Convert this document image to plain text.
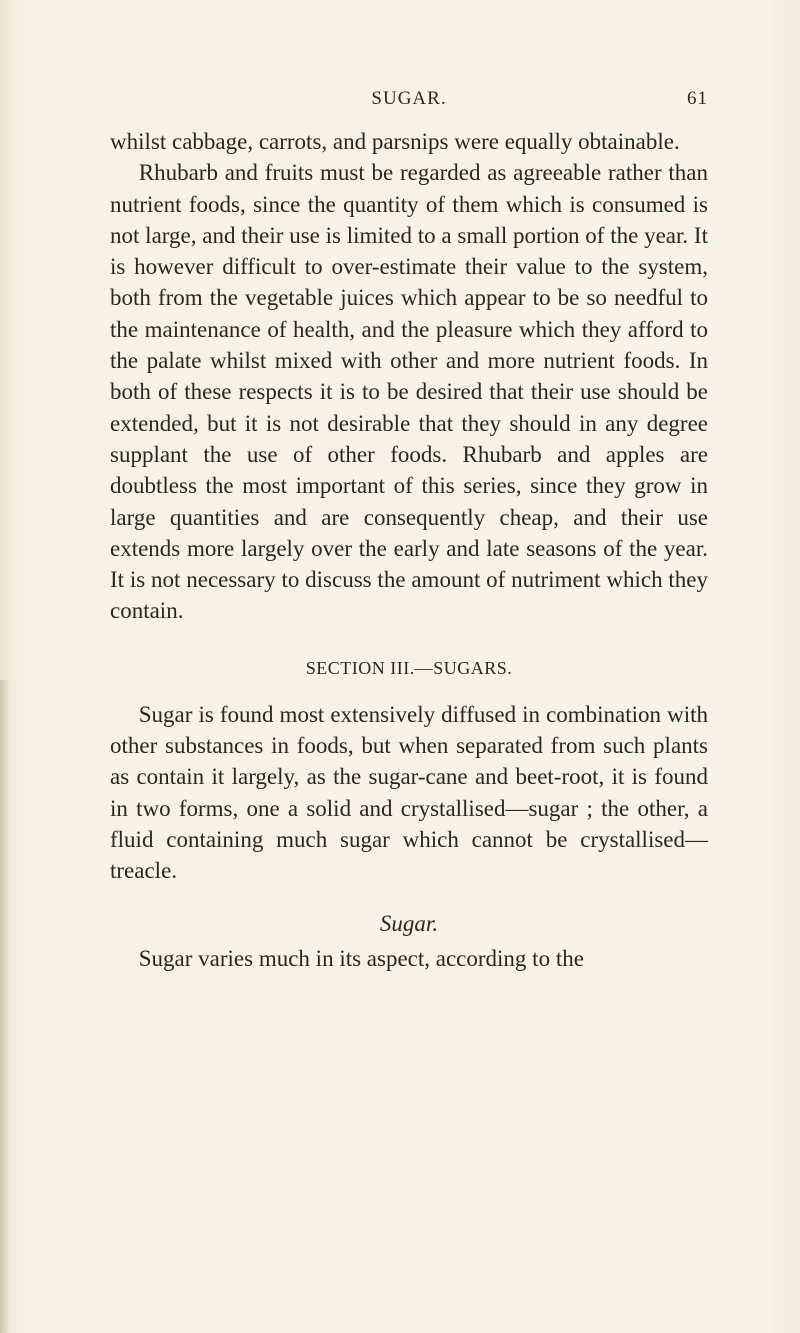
SUGAR.	61

whilst cabbage, carrots, and parsnips were equally obtainable.

Rhubarb and fruits must be regarded as agreeable rather than nutrient foods, since the quantity of them which is consumed is not large, and their use is limited to a small portion of the year. It is however difficult to over-estimate their value to the system, both from the vegetable juices which appear to be so needful to the maintenance of health, and the pleasure which they afford to the palate whilst mixed with other and more nutrient foods. In both of these respects it is to be desired that their use should be extended, but it is not desirable that they should in any degree supplant the use of other foods. Rhubarb and apples are doubtless the most important of this series, since they grow in large quantities and are consequently cheap, and their use extends more largely over the early and late seasons of the year. It is not necessary to discuss the amount of nutriment which they contain.

SECTION III.—SUGARS.

Sugar is found most extensively diffused in combination with other substances in foods, but when separated from such plants as contain it largely, as the sugar-cane and beet-root, it is found in two forms, one a solid and crystallised—sugar ; the other, a fluid containing much sugar which cannot be crystallised—treacle.

Sugar.

Sugar varies much in its aspect, according to the
